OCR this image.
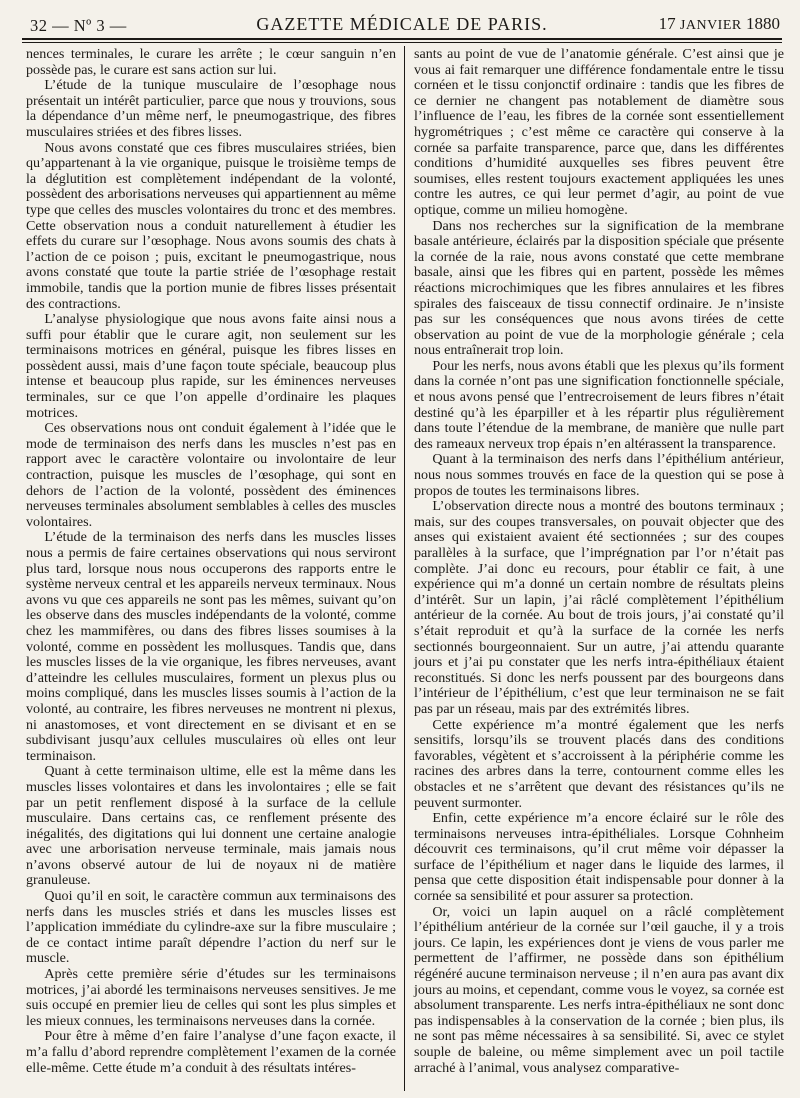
32 — Nº 3 —	GAZETTE MÉDICALE DE PARIS.	17 JANVIER 1880

nences terminales, le curare les arrête ; le cœur sanguin n’en possède pas, le curare est sans action sur lui.

L’étude de la tunique musculaire de l’œsophage nous présentait un intérêt particulier, parce que nous y trouvions, sous la dépendance d’un même nerf, le pneumogastrique, des fibres musculaires striées et des fibres lisses.

Nous avons constaté que ces fibres musculaires striées, bien qu’appartenant à la vie organique, puisque le troisième temps de la déglutition est complètement indépendant de la volonté, possèdent des arborisations nerveuses qui appartiennent au même type que celles des muscles volontaires du tronc et des membres. Cette observation nous a conduit naturellement à étudier les effets du curare sur l’œsophage. Nous avons soumis des chats à l’action de ce poison ; puis, excitant le pneumogastrique, nous avons constaté que toute la partie striée de l’œsophage restait immobile, tandis que la portion munie de fibres lisses présentait des contractions.

L’analyse physiologique que nous avons faite ainsi nous a suffi pour établir que le curare agit, non seulement sur les terminaisons motrices en général, puisque les fibres lisses en possèdent aussi, mais d’une façon toute spéciale, beaucoup plus intense et beaucoup plus rapide, sur les éminences nerveuses terminales, sur ce que l’on appelle d’ordinaire les plaques motrices.

Ces observations nous ont conduit également à l’idée que le mode de terminaison des nerfs dans les muscles n’est pas en rapport avec le caractère volontaire ou involontaire de leur contraction, puisque les muscles de l’œsophage, qui sont en dehors de l’action de la volonté, possèdent des éminences nerveuses terminales absolument semblables à celles des muscles volontaires.

L’étude de la terminaison des nerfs dans les muscles lisses nous a permis de faire certaines observations qui nous serviront plus tard, lorsque nous nous occuperons des rapports entre le système nerveux central et les appareils nerveux terminaux. Nous avons vu que ces appareils ne sont pas les mêmes, suivant qu’on les observe dans des muscles indépendants de la volonté, comme chez les mammifères, ou dans des fibres lisses soumises à la volonté, comme en possèdent les mollusques. Tandis que, dans les muscles lisses de la vie organique, les fibres nerveuses, avant d’atteindre les cellules musculaires, forment un plexus plus ou moins compliqué, dans les muscles lisses soumis à l’action de la volonté, au contraire, les fibres nerveuses ne montrent ni plexus, ni anastomoses, et vont directement en se divisant et en se subdivisant jusqu’aux cellules musculaires où elles ont leur terminaison.

Quant à cette terminaison ultime, elle est la même dans les muscles lisses volontaires et dans les involontaires ; elle se fait par un petit renflement disposé à la surface de la cellule musculaire. Dans certains cas, ce renflement présente des inégalités, des digitations qui lui donnent une certaine analogie avec une arborisation nerveuse terminale, mais jamais nous n’avons observé autour de lui de noyaux ni de matière granuleuse.

Quoi qu’il en soit, le caractère commun aux terminaisons des nerfs dans les muscles striés et dans les muscles lisses est l’application immédiate du cylindre-axe sur la fibre musculaire ; de ce contact intime paraît dépendre l’action du nerf sur le muscle.

Après cette première série d’études sur les terminaisons motrices, j’ai abordé les terminaisons nerveuses sensitives. Je me suis occupé en premier lieu de celles qui sont les plus simples et les mieux connues, les terminaisons nerveuses dans la cornée.

Pour être à même d’en faire l’analyse d’une façon exacte, il m’a fallu d’abord reprendre complètement l’examen de la cornée elle-même. Cette étude m’a conduit à des résultats intéres-

sants au point de vue de l’anatomie générale. C’est ainsi que je vous ai fait remarquer une différence fondamentale entre le tissu cornéen et le tissu conjonctif ordinaire : tandis que les fibres de ce dernier ne changent pas notablement de diamètre sous l’influence de l’eau, les fibres de la cornée sont essentiellement hygrométriques ; c’est même ce caractère qui conserve à la cornée sa parfaite transparence, parce que, dans les différentes conditions d’humidité auxquelles ses fibres peuvent être soumises, elles restent toujours exactement appliquées les unes contre les autres, ce qui leur permet d’agir, au point de vue optique, comme un milieu homogène.

Dans nos recherches sur la signification de la membrane basale antérieure, éclairés par la disposition spéciale que présente la cornée de la raie, nous avons constaté que cette membrane basale, ainsi que les fibres qui en partent, possède les mêmes réactions microchimiques que les fibres annulaires et les fibres spirales des faisceaux de tissu connectif ordinaire. Je n’insiste pas sur les conséquences que nous avons tirées de cette observation au point de vue de la morphologie générale ; cela nous entraînerait trop loin.

Pour les nerfs, nous avons établi que les plexus qu’ils forment dans la cornée n’ont pas une signification fonctionnelle spéciale, et nous avons pensé que l’entrecroisement de leurs fibres n’était destiné qu’à les éparpiller et à les répartir plus régulièrement dans toute l’étendue de la membrane, de manière que nulle part des rameaux nerveux trop épais n’en altérassent la transparence.

Quant à la terminaison des nerfs dans l’épithélium antérieur, nous nous sommes trouvés en face de la question qui se pose à propos de toutes les terminaisons libres.

L’observation directe nous a montré des boutons terminaux ; mais, sur des coupes transversales, on pouvait objecter que des anses qui existaient avaient été sectionnées ; sur des coupes parallèles à la surface, que l’imprégnation par l’or n’était pas complète. J’ai donc eu recours, pour établir ce fait, à une expérience qui m’a donné un certain nombre de résultats pleins d’intérêt. Sur un lapin, j’ai râclé complètement l’épithélium antérieur de la cornée. Au bout de trois jours, j’ai constaté qu’il s’était reproduit et qu’à la surface de la cornée les nerfs sectionnés bourgeonnaient. Sur un autre, j’ai attendu quarante jours et j’ai pu constater que les nerfs intra-épithéliaux étaient reconstitués. Si donc les nerfs poussent par des bourgeons dans l’intérieur de l’épithélium, c’est que leur terminaison ne se fait pas par un réseau, mais par des extrémités libres.

Cette expérience m’a montré également que les nerfs sensitifs, lorsqu’ils se trouvent placés dans des conditions favorables, végètent et s’accroissent à la périphérie comme les racines des arbres dans la terre, contournent comme elles les obstacles et ne s’arrêtent que devant des résistances qu’ils ne peuvent surmonter.

Enfin, cette expérience m’a encore éclairé sur le rôle des terminaisons nerveuses intra-épithéliales. Lorsque Cohnheim découvrit ces terminaisons, qu’il crut même voir dépasser la surface de l’épithélium et nager dans le liquide des larmes, il pensa que cette disposition était indispensable pour donner à la cornée sa sensibilité et pour assurer sa protection.

Or, voici un lapin auquel on a râclé complètement l’épithélium antérieur de la cornée sur l’œil gauche, il y a trois jours. Ce lapin, les expériences dont je viens de vous parler me permettent de l’affirmer, ne possède dans son épithélium régénéré aucune terminaison nerveuse ; il n’en aura pas avant dix jours au moins, et cependant, comme vous le voyez, sa cornée est absolument transparente. Les nerfs intra-épithéliaux ne sont donc pas indispensables à la conservation de la cornée ; bien plus, ils ne sont pas même nécessaires à sa sensibilité. Si, avec ce stylet souple de baleine, ou même simplement avec un poil tactile arraché à l’animal, vous analysez comparative-
